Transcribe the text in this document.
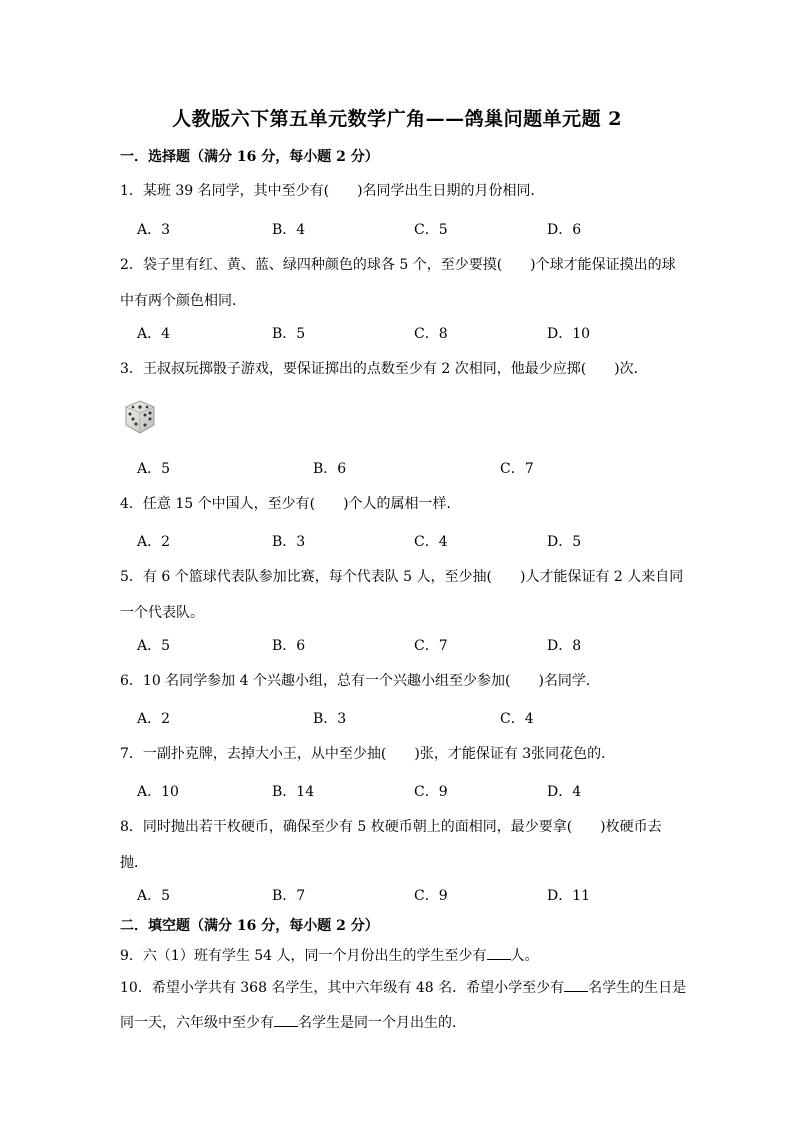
人教版六下第五单元数学广角——鸽巢问题单元题 2
一．选择题（满分 16 分，每小题 2 分）
1．某班 39 名同学，其中至少有(　　)名同学出生日期的月份相同．
A．3	B．4	C．5	D．6
2．袋子里有红、黄、蓝、绿四种颜色的球各 5 个，至少要摸(　　)个球才能保证摸出的球
中有两个颜色相同．
A．4	B．5	C．8	D．10
3．王叔叔玩掷骰子游戏，要保证掷出的点数至少有 2 次相同，他最少应掷(　　)次．
A．5	B．6	C．7
4．任意 15 个中国人，至少有(　　)个人的属相一样．
A．2	B．3	C．4	D．5
5．有 6 个篮球代表队参加比赛，每个代表队 5 人，至少抽(　　)人才能保证有 2 人来自同
一个代表队。
A．5	B．6	C．7	D．8
6．10 名同学参加 4 个兴趣小组，总有一个兴趣小组至少参加(　　)名同学．
A．2	B．3	C．4
7．一副扑克牌，去掉大小王，从中至少抽(　　)张，才能保证有 3张同花色的．
A．10	B．14	C．9	D．4
8．同时抛出若干枚硬币，确保至少有 5 枚硬币朝上的面相同，最少要拿(　　)枚硬币去
抛．
A．5	B．7	C．9	D．11
二．填空题（满分 16 分，每小题 2 分）
9．六（1）班有学生 54 人，同一个月份出生的学生至少有 人。
10．希望小学共有 368 名学生，其中六年级有 48 名．希望小学至少有 名学生的生日是
同一天，六年级中至少有 名学生是同一个月出生的．
